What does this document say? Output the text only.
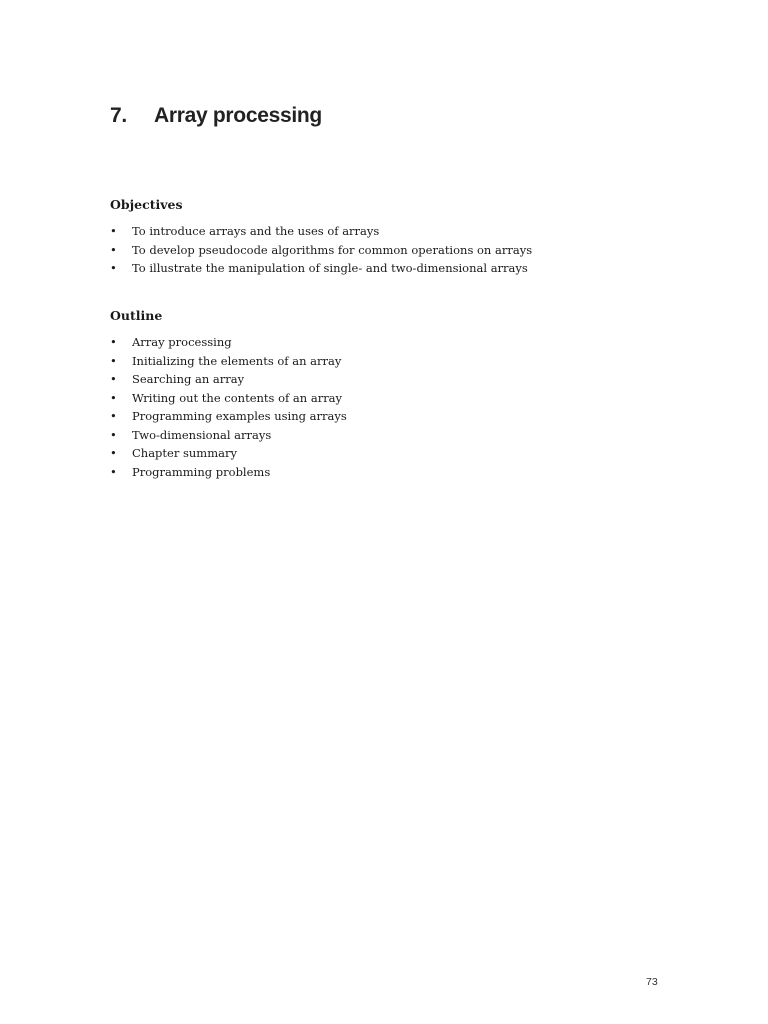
7. Array processing
Objectives
•	To introduce arrays and the uses of arrays
•	To develop pseudocode algorithms for common operations on arrays
•	To illustrate the manipulation of single- and two-dimensional arrays
Outline
•	Array processing
•	Initializing the elements of an array
•	Searching an array
•	Writing out the contents of an array
•	Programming examples using arrays
•	Two-dimensional arrays
•	Chapter summary
•	Programming problems
73
